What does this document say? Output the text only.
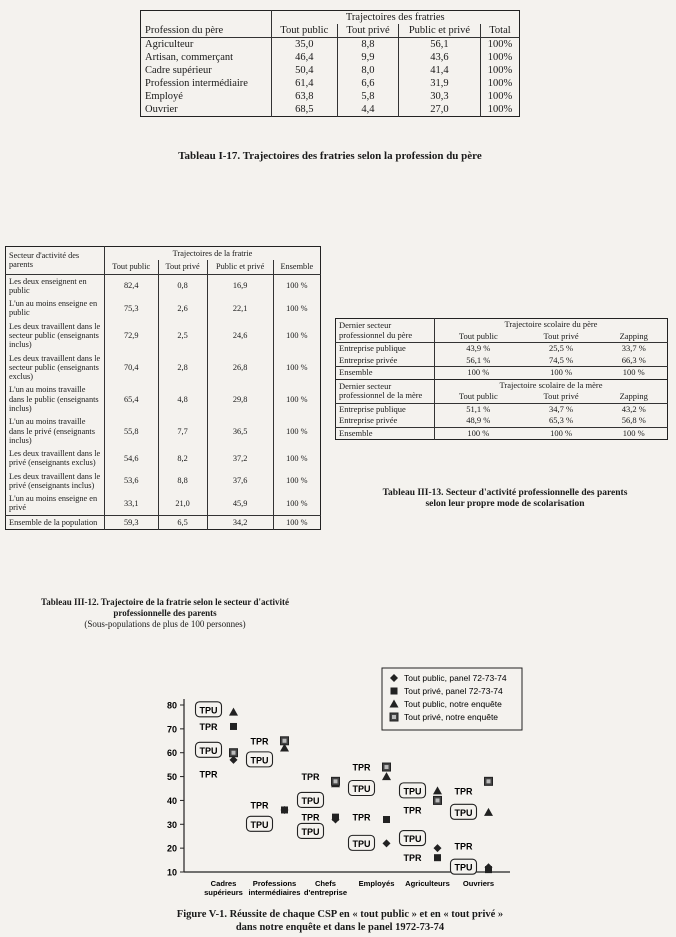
	Trajectoires des fratries			
Profession du père	Tout public	Tout privé	Public et privé	Total
Agriculteur	35,0	8,8	56,1	100%
Artisan, commerçant	46,4	9,9	43,6	100%
Cadre supérieur	50,4	8,0	41,4	100%
Profession intermédiaire	61,4	6,6	31,9	100%
Employé	63,8	5,8	30,3	100%
Ouvrier	68,5	4,4	27,0	100%
Tableau I-17. Trajectoires des fratries selon la profession du père
Secteur d'activité des parents	Trajectoires de la fratrie			
	Tout public	Tout privé	Public et privé	Ensemble
Les deux enseignent en public	82,4	0,8	16,9	100 %
L'un au moins enseigne en public	75,3	2,6	22,1	100 %
Les deux travaillent dans le secteur public (enseignants inclus)	72,9	2,5	24,6	100 %
Les deux travaillent dans le secteur public (enseignants exclus)	70,4	2,8	26,8	100 %
L'un au moins travaille dans le public (enseignants inclus)	65,4	4,8	29,8	100 %
L'un au moins travaille dans le privé (enseignants inclus)	55,8	7,7	36,5	100 %
Les deux travaillent dans le privé (enseignants exclus)	54,6	8,2	37,2	100 %
Les deux travaillent dans le privé (enseignants inclus)	53,6	8,8	37,6	100 %
L'un au moins enseigne en privé	33,1	21,0	45,9	100 %
Ensemble de la population	59,3	6,5	34,2	100 %
Tableau III-12. Trajectoire de la fratrie selon le secteur d'activité
professionnelle des parents
(Sous-populations de plus de 100 personnes)
Dernier secteur professionnel du père	Trajectoire scolaire du père		
	Tout public	Tout privé	Zapping
Entreprise publique	43,9 %	25,5 %	33,7 %
Entreprise privée	56,1 %	74,5 %	66,3 %
Ensemble	100 %	100 %	100 %
Dernier secteur professionnel de la mère	Trajectoire scolaire de la mère		
	Tout public	Tout privé	Zapping
Entreprise publique	51,1 %	34,7 %	43,2 %
Entreprise privée	48,9 %	65,3 %	56,8 %
Ensemble	100 %	100 %	100 %
Tableau III-13. Secteur d'activité professionnelle des parents
selon leur propre mode de scolarisation
10
20
30
40
50
60
70
80
Cadres supérieurs
Professions intermédiaires
Chefs d'entreprise
Employés Agriculteurs Ouvriers
TPU
TPR
TPU
TPR
TPR
TPU
TPR
TPU
TPR
TPU
TPR
TPU
TPR
TPU
TPR
TPU
TPU
TPR
TPU
TPR
TPR
TPU
TPR
TPU
Tout public, panel 72-73-74
Tout privé, panel 72-73-74
Tout public, notre enquête
Tout privé, notre enquête
Figure V-1. Réussite de chaque CSP en « tout public » et en « tout privé »
dans notre enquête et dans le panel 1972-73-74
